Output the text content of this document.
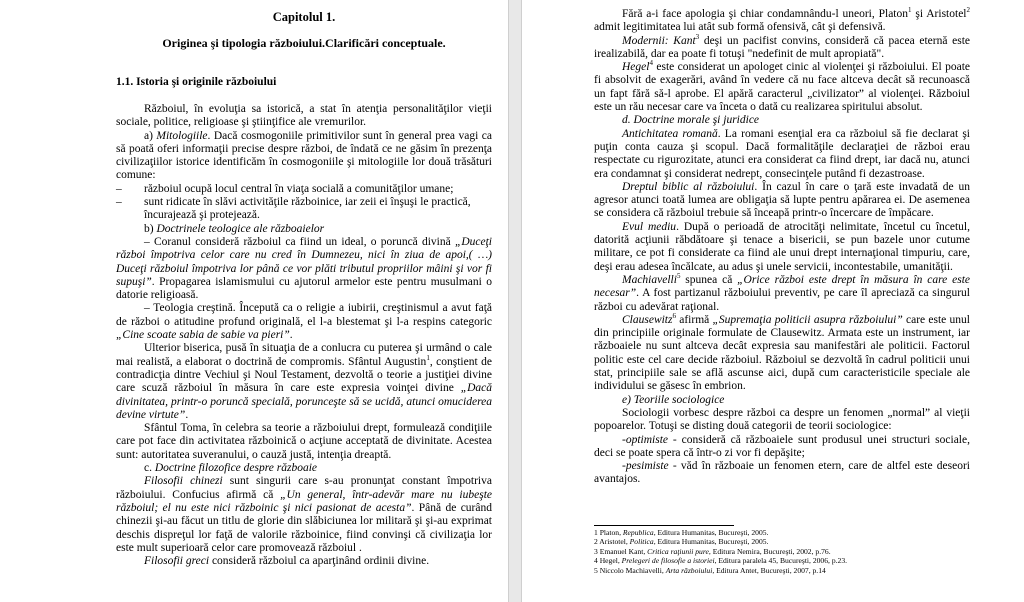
Capitolul 1.
Originea şi tipologia războiului.Clarificări conceptuale.
1.1. Istoria şi originile războiului

Războiul, în evoluţia sa istorică, a stat în atenţia personalităţilor vieţii sociale, politice, religioase şi ştiinţifice ale vremurilor.

a) Mitologiile. Dacă cosmogoniile primitivilor sunt în general prea vagi ca să poată oferi informaţii precise despre război, de îndată ce ne găsim în prezenţa civilizaţiilor istorice identificăm în cosmogoniile şi mitologiile lor două trăsături comune:

–	războiul ocupă locul central în viaţa socială a comunităţilor umane;
–	sunt ridicate în slăvi activităţile războinice, iar zeii ei înşuşi le practică, încurajează şi protejează.

b) Doctrinele teologice ale războaielor

– Coranul consideră războiul ca fiind un ideal, o poruncă divină „Duceţi război împotriva celor care nu cred în Dumnezeu, nici în ziua de apoi,( …) Duceţi războiul împotriva lor până ce vor plăti tributul propriilor mâini şi vor fi supuşi”. Propagarea islamismului cu ajutorul armelor este pentru musulmani o datorie religioasă.

– Teologia creştină. Începută ca o religie a iubirii, creştinismul a avut faţă de război o atitudine profund originală, el l-a blestemat şi l-a respins categoric „Cine scoate sabia de sabie va pieri”.

Ulterior biserica, pusă în situaţia de a conlucra cu puterea şi urmând o cale mai realistă, a elaborat o doctrină de compromis. Sfântul Augustin$^1$, conştient de contradicţia dintre Vechiul şi Noul Testament, dezvoltă o teorie a justiţiei divine care scuză războiul în măsura în care este expresia voinţei divine „Dacă divinitatea, printr-o poruncă specială, porunceşte să se ucidă, atunci omuciderea devine virtute”.

Sfântul Toma, în celebra sa teorie a războiului drept, formulează condiţiile care pot face din activitatea războinică o acţiune acceptată de divinitate. Acestea sunt: autoritatea suveranului, o cauză justă, intenţia dreaptă.

c. Doctrine filozofice despre războaie

Filosofii chinezi sunt singurii care s-au pronunţat constant împotriva războiului. Confucius afirmă că „Un general, într-adevăr mare nu iubeşte războiul; el nu este nici războinic şi nici pasionat de acesta”. Până de curând chinezii şi-au făcut un titlu de glorie din slăbiciunea lor militară şi şi-au exprimat deschis dispreţul lor faţă de valorile războinice, fiind convinşi că civilizaţia lor este mult superioară celor care promovează războiul .

Filosofii greci consideră războiul ca aparţinând ordinii divine.

Fără a-i face apologia şi chiar condamnându-l uneori, Platon$^1$ şi Aristotel$^2$ admit legitimitatea lui atât sub formă ofensivă, cât şi defensivă.

Modernii: Kant$^3$ deşi un pacifist convins, consideră că pacea eternă este irealizabilă, dar ea poate fi totuşi "nedefinit de mult apropiată".

Hegel$^4$ este considerat un apologet cinic al violenţei şi războiului. El poate fi absolvit de exagerări, având în vedere că nu face altceva decât să recunoască un fapt fără să-l aprobe. El apără caracterul „civilizator” al violenţei. Războiul este un rău necesar care va înceta o dată cu realizarea spiritului absolut.

d. Doctrine morale şi juridice

Antichitatea romană. La romani esenţial era ca războiul să fie declarat şi puţin conta cauza şi scopul. Dacă formalităţile declaraţiei de război erau respectate cu rigurozitate, atunci era considerat ca fiind drept, iar dacă nu, atunci era condamnat şi considerat nedrept, consecinţele putând fi dezastroase.

Dreptul biblic al războiului. În cazul în care o ţară este invadată de un agresor atunci toată lumea are obligaţia să lupte pentru apărarea ei. De asemenea se considera că războiul trebuie să înceapă printr-o încercare de împăcare.

Evul mediu. După o perioadă de atrocităţi nelimitate, încetul cu încetul, datorită acţiunii răbdătoare şi tenace a bisericii, se pun bazele unor cutume militare, ce pot fi considerate ca fiind ale unui drept internaţional timpuriu, care, deşi erau adesea încălcate, au adus şi unele servicii, incontestabile, umanităţii.

Machiavelli$^5$ spunea că „Orice război este drept în măsura în care este necesar”. A fost partizanul războiului preventiv, pe care îl apreciază ca singurul război cu adevărat raţional.

Clausewitz$^6$ afirmă „Supremaţia politicii asupra războiului” care este unul din principiile originale formulate de Clausewitz. Armata este un instrument, iar războaiele nu sunt altceva decât expresia sau manifestări ale politicii. Factorul politic este cel care decide războiul. Războiul se dezvoltă în cadrul politicii unui stat, principiile sale se află ascunse aici, după cum caracteristicile speciale ale individului se găsesc în embrion.

e) Teoriile sociologice

Sociologii vorbesc despre război ca despre un fenomen „normal” al vieţii popoarelor. Totuşi se disting două categorii de teorii sociologice:

-optimiste - consideră că războaiele sunt produsul unei structuri sociale, deci se poate spera că într-o zi vor fi depăşite;

-pesimiste - văd în războaie un fenomen etern, care de altfel este deseori avantajos.

1 Platon, Republica, Editura Humanitas, Bucureşti, 2005.
2 Aristotel, Politica, Editura Humanitas, Bucureşti, 2005.
3 Emanuel Kant, Critica raţiunii pure, Editura Nemira, Bucureşti, 2002, p.76.
4 Hegel, Prelegeri de filosofie a istoriei, Editura paralela 45, Bucureşti, 2006, p.23.
5 Niccolo Machiavelli, Arta războiului, Editura Antet, Bucureşti, 2007, p.14
